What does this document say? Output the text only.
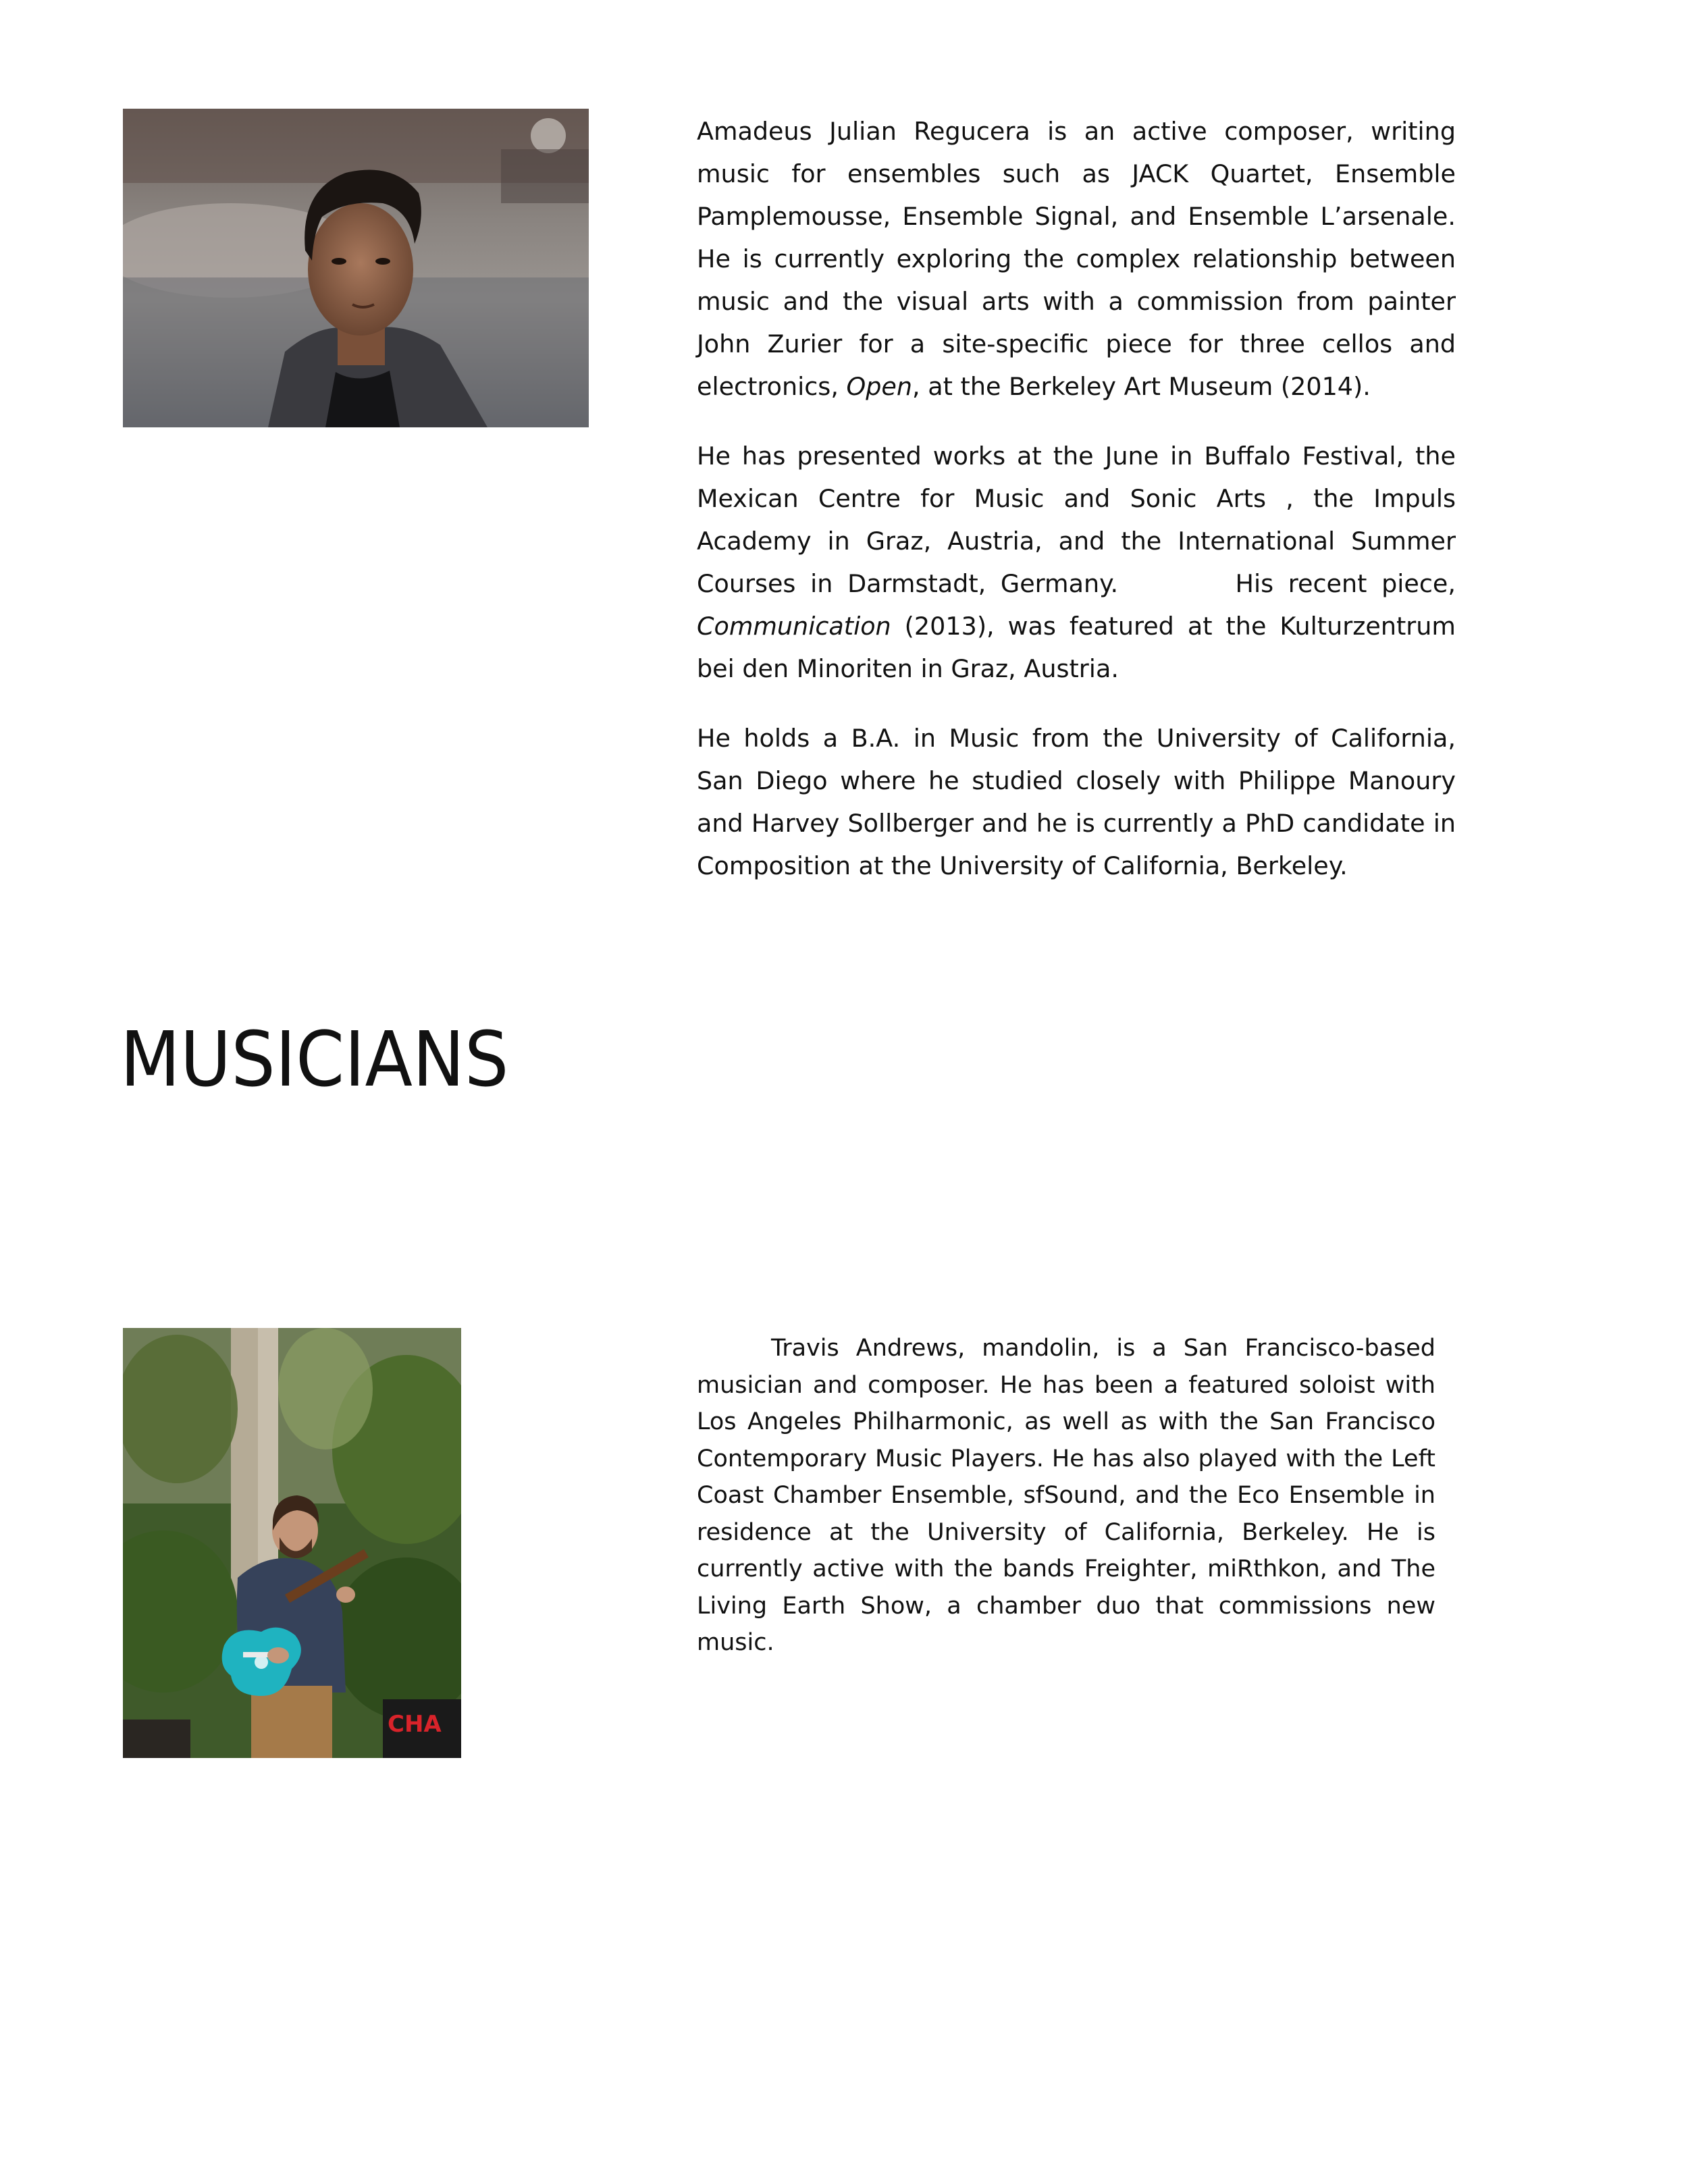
Amadeus Julian Regucera is an active composer, writing music for ensembles such as JACK Quartet, Ensemble Pamplemousse, Ensemble Signal, and Ensemble L’arsenale. He is currently exploring the complex relationship between music and the visual arts with a commission from painter John Zurier for a site-specific piece for three cellos and electronics, Open, at the Berkeley Art Museum (2014).

He has presented works at the June in Buffalo Festival, the Mexican Centre for Music and Sonic Arts , the Impuls Academy in Graz, Austria, and the International Summer Courses in Darmstadt, Germany.        His recent piece, Communication (2013), was featured at the Kulturzentrum bei den Minoriten in Graz, Austria.

He holds a B.A. in Music from the University of California, San Diego where he studied closely with Philippe Manoury and Harvey Sollberger and he is currently a PhD candidate in Composition at the University of California, Berkeley.

MUSICIANS
CHA

Travis Andrews, mandolin, is a San Francisco-based musician and composer. He has been a featured soloist with Los Angeles Philharmonic, as well as with the San Francisco Contemporary Music Players. He has also played with the Left Coast Chamber Ensemble, sfSound, and the Eco Ensemble in residence at the University of California, Berkeley. He is currently active with the bands Freighter, miRthkon, and The Living Earth Show, a chamber duo that commissions new music.
